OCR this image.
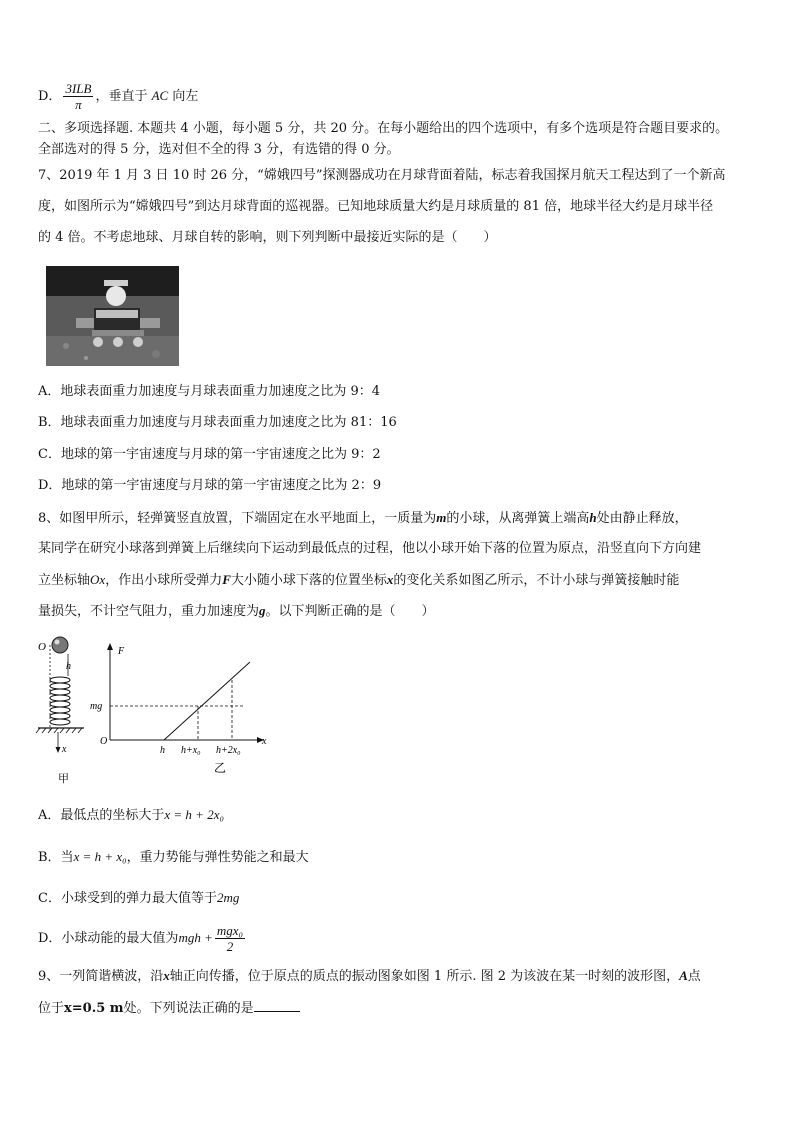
D． $\frac{\text{3ILB}}{\pi}$ ，垂直于 AC 向左
二、多项选择题. 本题共 4 小题，每小题 5 分，共 20 分。在每小题给出的四个选项中，有多个选项是符合题目要求的。
全部选对的得 5 分，选对但不全的得 3 分，有选错的得 0 分。
7、2019 年 1 月 3 日 10 时 26 分，“嫦娥四号”探测器成功在月球背面着陆，标志着我国探月航天工程达到了一个新高
度，如图所示为“嫦娥四号”到达月球背面的巡视器。已知地球质量大约是月球质量的 81 倍，地球半径大约是月球半径
的 4 倍。不考虑地球、月球自转的影响，则下列判断中最接近实际的是（　　）
A．地球表面重力加速度与月球表面重力加速度之比为 9：4
B．地球表面重力加速度与月球表面重力加速度之比为 81：16
C．地球的第一宇宙速度与月球的第一宇宙速度之比为 9：2
D．地球的第一宇宙速度与月球的第一宇宙速度之比为 2：9
8、如图甲所示，轻弹簧竖直放置，下端固定在水平地面上，一质量为m的小球，从离弹簧上端高h处由静止释放，
某同学在研究小球落到弹簧上后继续向下运动到最低点的过程，他以小球开始下落的位置为原点，沿竖直向下方向建
立坐标轴Ox，作出小球所受弹力F大小随小球下落的位置坐标x的变化关系如图乙所示，不计小球与弹簧接触时能
量损失，不计空气阻力，重力加速度为g。以下判断正确的是（　　）
O
h
x
甲
F
x
O
mg
h h+x₀ h+2x₀
乙
A．最低点的坐标大于x = h + 2x₀
B．当x = h + x₀，重力势能与弹性势能之和最大
C．小球受到的弹力最大值等于2mg
D．小球动能的最大值为mgh + $\frac{\text{mgx₀}}{2}$
9、一列简谐横波，沿x轴正向传播，位于原点的质点的振动图象如图 1 所示. 图 2 为该波在某一时刻的波形图，A点
位于x=0.5 m处。下列说法正确的是
